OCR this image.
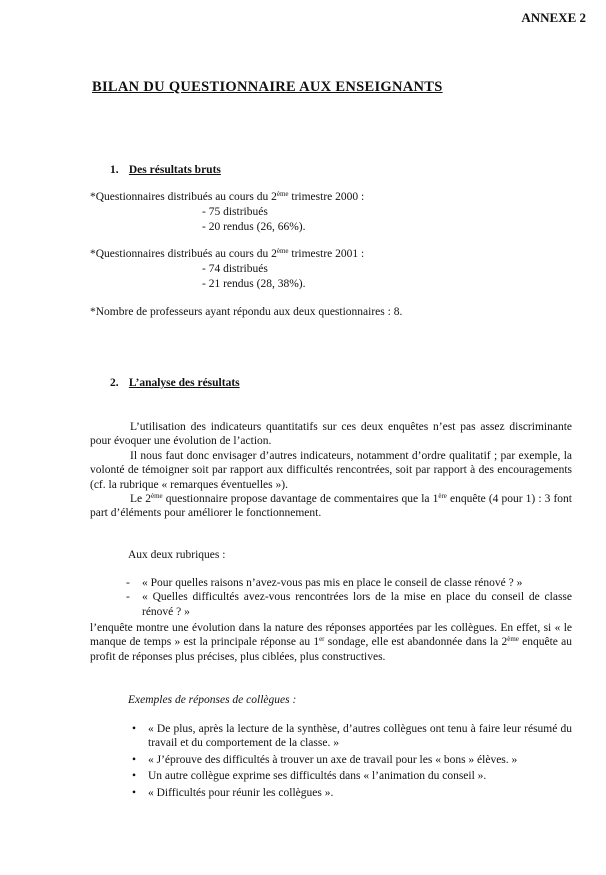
ANNEXE 2
BILAN DU QUESTIONNAIRE AUX ENSEIGNANTS
1. Des résultats bruts
*Questionnaires distribués au cours du 2ème trimestre 2000 :
- 75 distribués
- 20 rendus (26, 66%).
*Questionnaires distribués au cours du 2ème trimestre 2001 :
- 74 distribués
- 21 rendus (28, 38%).
*Nombre de professeurs ayant répondu aux deux questionnaires : 8.
2. L’analyse des résultats

L’utilisation des indicateurs quantitatifs sur ces deux enquêtes n’est pas assez discriminante pour évoquer une évolution de l’action.

Il nous faut donc envisager d’autres indicateurs, notamment d’ordre qualitatif ; par exemple, la volonté de témoigner soit par rapport aux difficultés rencontrées, soit par rapport à des encouragements (cf. la rubrique « remarques éventuelles »).

Le 2ème questionnaire propose davantage de commentaires que la 1ère enquête (4 pour 1) : 3 font part d’éléments pour améliorer le fonctionnement.

Aux deux rubriques :
- « Pour quelles raisons n’avez-vous pas mis en place le conseil de classe rénové ? »
- « Quelles difficultés avez-vous rencontrées lors de la mise en place du conseil de classe rénové ? »
l’enquête montre une évolution dans la nature des réponses apportées par les collègues. En effet, si « le manque de temps » est la principale réponse au 1er sondage, elle est abandonnée dans la 2ème enquête au profit de réponses plus précises, plus ciblées, plus constructives.
Exemples de réponses de collègues :
• « De plus, après la lecture de la synthèse, d’autres collègues ont tenu à faire leur résumé du travail et du comportement de la classe. »
• « J’éprouve des difficultés à trouver un axe de travail pour les « bons » élèves. »
• Un autre collègue exprime ses difficultés dans « l’animation du conseil ».
• « Difficultés pour réunir les collègues ».
